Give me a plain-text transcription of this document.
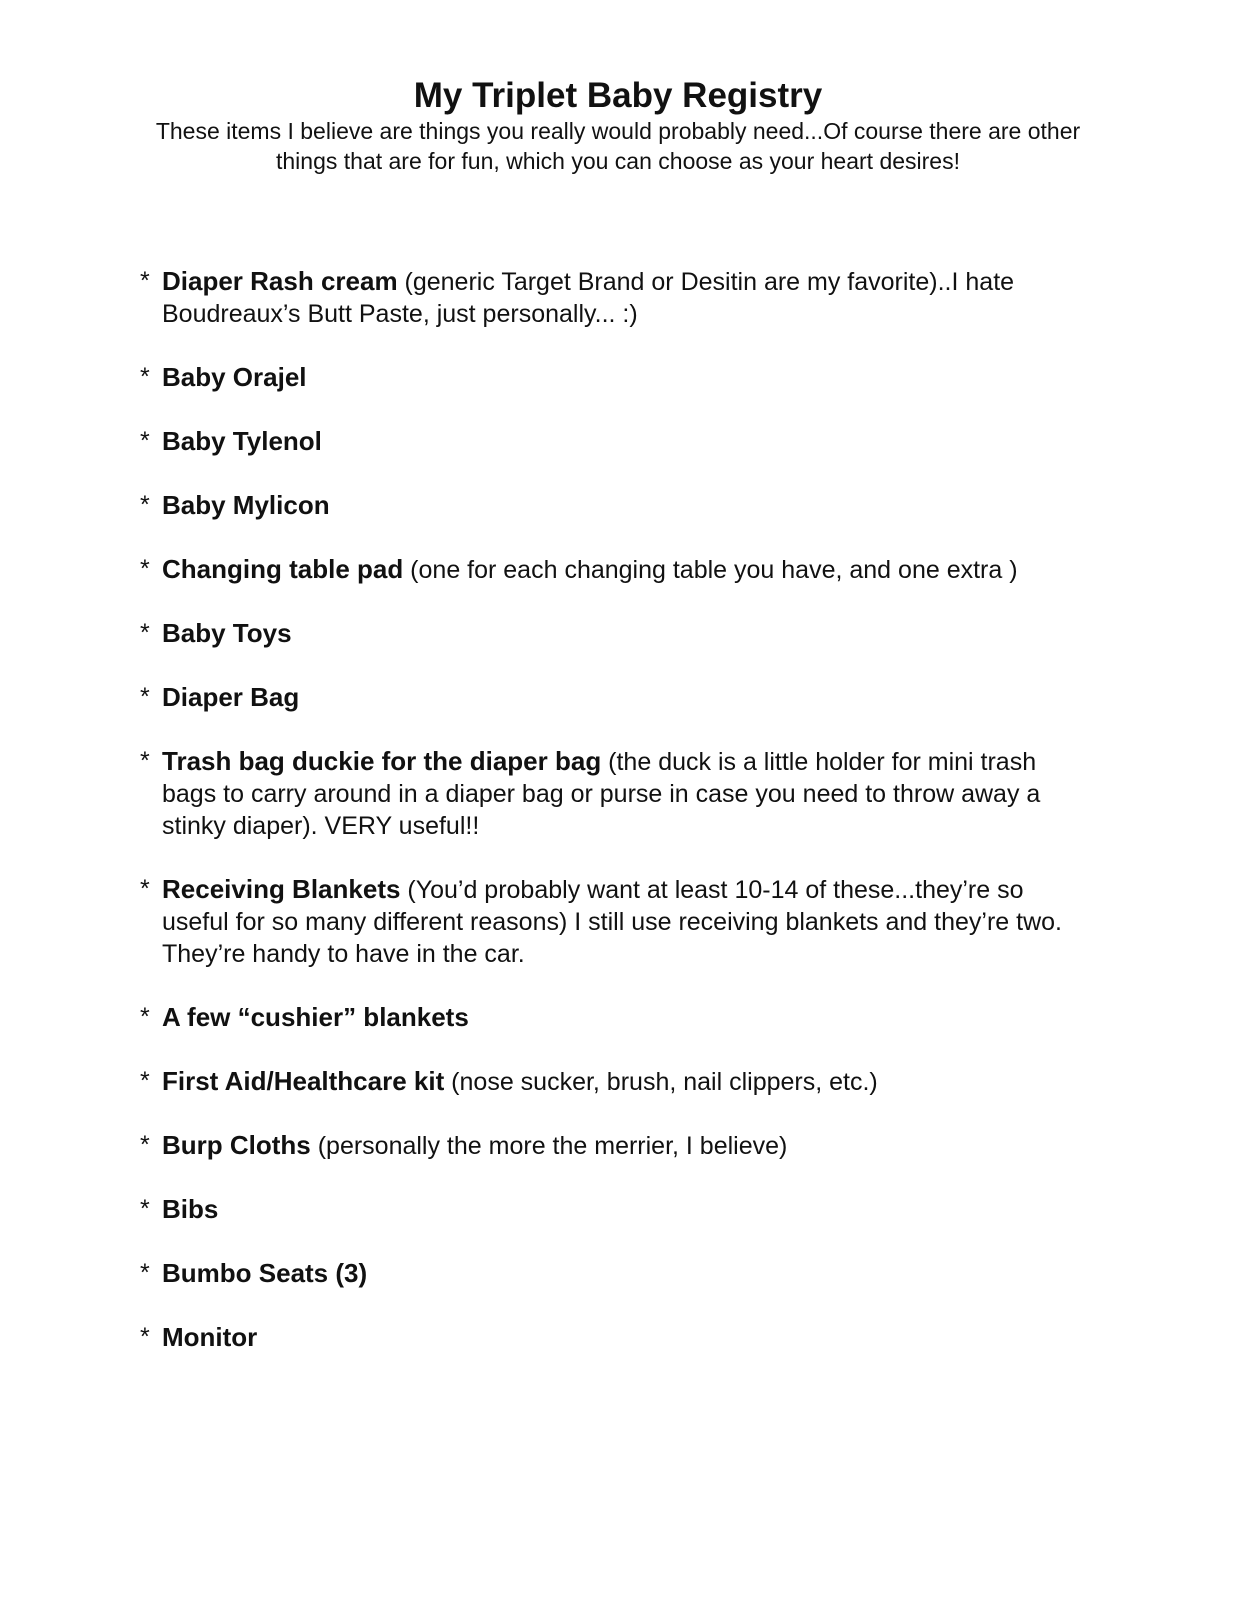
My Triplet Baby Registry

These items I believe are things you really would probably need...Of course there are other things that are for fun, which you can choose as your heart desires!

* Diaper Rash cream (generic Target Brand or Desitin are my favorite)..I hate Boudreaux’s Butt Paste, just personally... :)
* Baby Orajel
* Baby Tylenol
* Baby Mylicon
* Changing table pad (one for each changing table you have, and one extra )
* Baby Toys
* Diaper Bag
* Trash bag duckie for the diaper bag (the duck is a little holder for mini trash bags to carry around in a diaper bag or purse in case you need to throw away a stinky diaper). VERY useful!!
* Receiving Blankets (You’d probably want at least 10-14 of these...they’re so useful for so many different reasons) I still use receiving blankets and they’re two. They’re handy to have in the car.
* A few “cushier” blankets
* First Aid/Healthcare kit (nose sucker, brush, nail clippers, etc.)
* Burp Cloths (personally the more the merrier, I believe)
* Bibs
* Bumbo Seats (3)
* Monitor
